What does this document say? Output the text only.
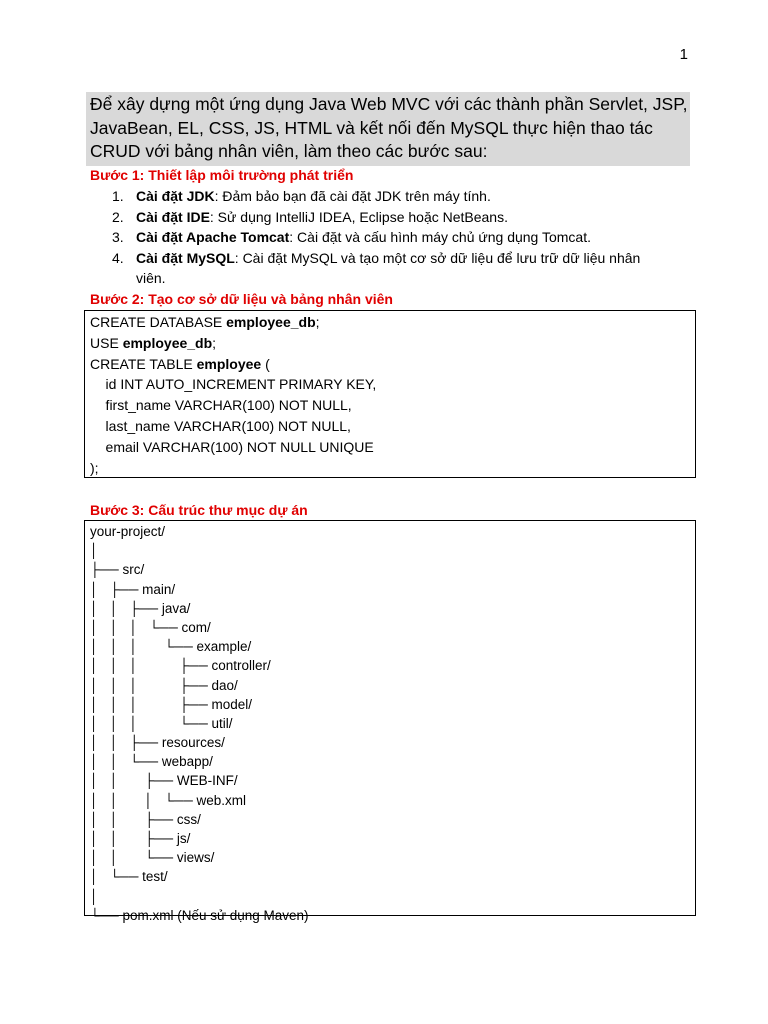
1
Để xây dựng một ứng dụng Java Web MVC với các thành phần Servlet, JSP, JavaBean, EL, CSS, JS, HTML và kết nối đến MySQL thực hiện thao tác CRUD với bảng nhân viên, làm theo các bước sau:
Bước 1: Thiết lập môi trường phát triển
1. Cài đặt JDK: Đảm bảo bạn đã cài đặt JDK trên máy tính.
2. Cài đặt IDE: Sử dụng IntelliJ IDEA, Eclipse hoặc NetBeans.
3. Cài đặt Apache Tomcat: Cài đặt và cấu hình máy chủ ứng dụng Tomcat.
4. Cài đặt MySQL: Cài đặt MySQL và tạo một cơ sở dữ liệu để lưu trữ dữ liệu nhân viên.
Bước 2: Tạo cơ sở dữ liệu và bảng nhân viên
CREATE DATABASE employee_db;
USE employee_db;
CREATE TABLE employee (
id INT AUTO_INCREMENT PRIMARY KEY,
first_name VARCHAR(100) NOT NULL,
last_name VARCHAR(100) NOT NULL,
email VARCHAR(100) NOT NULL UNIQUE
);
Bước 3: Cấu trúc thư mục dự án
your-project/
│
├── src/
│   ├── main/
│   │   ├── java/
│   │   │   └── com/
│   │   │       └── example/
│   │   │           ├── controller/
│   │   │           ├── dao/
│   │   │           ├── model/
│   │   │           └── util/
│   │   ├── resources/
│   │   └── webapp/
│   │       ├── WEB-INF/
│   │       │   └── web.xml
│   │       ├── css/
│   │       ├── js/
│   │       └── views/
│   └── test/
│
└── pom.xml (Nếu sử dụng Maven)
